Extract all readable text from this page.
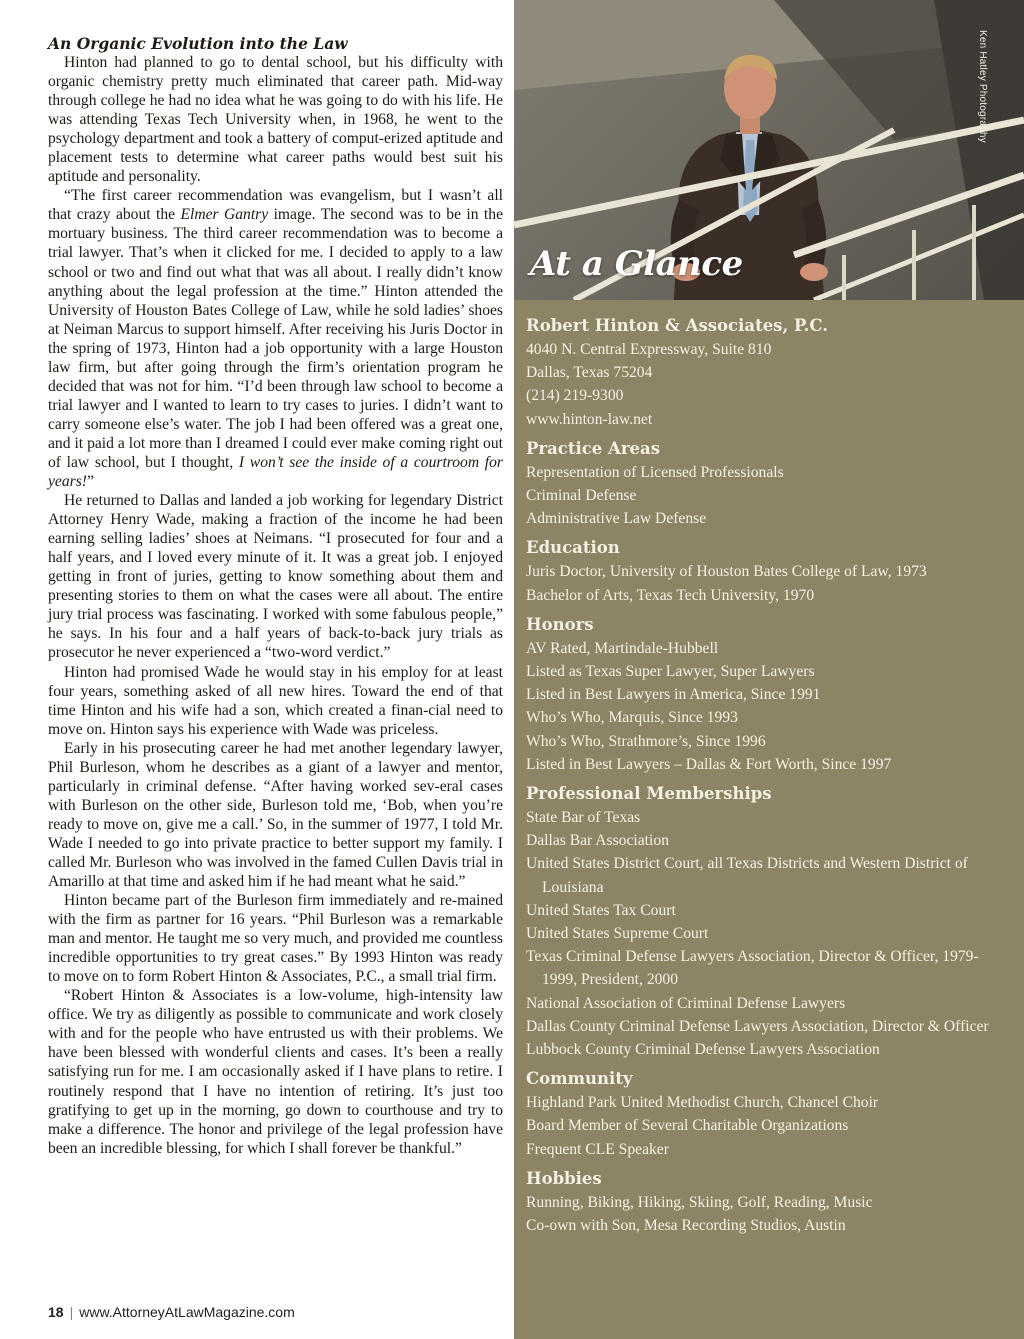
An Organic Evolution into the Law

Hinton had planned to go to dental school, but his difficulty with organic chemistry pretty much eliminated that career path. Mid-way through college he had no idea what he was going to do with his life. He was attending Texas Tech University when, in 1968, he went to the psychology department and took a battery of comput-erized aptitude and placement tests to determine what career paths would best suit his aptitude and personality.

“The first career recommendation was evangelism, but I wasn’t all that crazy about the Elmer Gantry image. The second was to be in the mortuary business. The third career recommendation was to become a trial lawyer. That’s when it clicked for me. I decided to apply to a law school or two and find out what that was all about. I really didn’t know anything about the legal profession at the time.” Hinton attended the University of Houston Bates College of Law, while he sold ladies’ shoes at Neiman Marcus to support himself. After receiving his Juris Doctor in the spring of 1973, Hinton had a job opportunity with a large Houston law firm, but after going through the firm’s orientation program he decided that was not for him. “I’d been through law school to become a trial lawyer and I wanted to learn to try cases to juries. I didn’t want to carry someone else’s water. The job I had been offered was a great one, and it paid a lot more than I dreamed I could ever make coming right out of law school, but I thought, I won’t see the inside of a courtroom for years!”

He returned to Dallas and landed a job working for legendary District Attorney Henry Wade, making a fraction of the income he had been earning selling ladies’ shoes at Neimans. “I prosecuted for four and a half years, and I loved every minute of it. It was a great job. I enjoyed getting in front of juries, getting to know something about them and presenting stories to them on what the cases were all about. The entire jury trial process was fascinating. I worked with some fabulous people,” he says. In his four and a half years of back-to-back jury trials as prosecutor he never experienced a “two-word verdict.”

Hinton had promised Wade he would stay in his employ for at least four years, something asked of all new hires. Toward the end of that time Hinton and his wife had a son, which created a finan-cial need to move on. Hinton says his experience with Wade was priceless.

Early in his prosecuting career he had met another legendary lawyer, Phil Burleson, whom he describes as a giant of a lawyer and mentor, particularly in criminal defense. “After having worked sev-eral cases with Burleson on the other side, Burleson told me, ‘Bob, when you’re ready to move on, give me a call.’ So, in the summer of 1977, I told Mr. Wade I needed to go into private practice to better support my family. I called Mr. Burleson who was involved in the famed Cullen Davis trial in Amarillo at that time and asked him if he had meant what he said.”

Hinton became part of the Burleson firm immediately and re-mained with the firm as partner for 16 years. “Phil Burleson was a remarkable man and mentor. He taught me so very much, and provided me countless incredible opportunities to try great cases.” By 1993 Hinton was ready to move on to form Robert Hinton & Associates, P.C., a small trial firm.

“Robert Hinton & Associates is a low-volume, high-intensity law office. We try as diligently as possible to communicate and work closely with and for the people who have entrusted us with their problems. We have been blessed with wonderful clients and cases. It’s been a really satisfying run for me. I am occasionally asked if I have plans to retire. I routinely respond that I have no intention of retiring. It’s just too gratifying to get up in the morning, go down to courthouse and try to make a difference. The honor and privilege of the legal profession have been an incredible blessing, for which I shall forever be thankful.”

18 | www.AttorneyAtLawMagazine.com
Ken Hatley Photography
At a Glance
Robert Hinton & Associates, P.C.

4040 N. Central Expressway, Suite 810

Dallas, Texas 75204

(214) 219-9300

www.hinton-law.net

Practice Areas

Representation of Licensed Professionals

Criminal Defense

Administrative Law Defense

Education

Juris Doctor, University of Houston Bates College of Law, 1973

Bachelor of Arts, Texas Tech University, 1970

Honors

AV Rated, Martindale-Hubbell

Listed as Texas Super Lawyer, Super Lawyers

Listed in Best Lawyers in America, Since 1991

Who’s Who, Marquis, Since 1993

Who’s Who, Strathmore’s, Since 1996

Listed in Best Lawyers – Dallas & Fort Worth, Since 1997

Professional Memberships

State Bar of Texas

Dallas Bar Association

United States District Court, all Texas Districts and Western District of Louisiana

United States Tax Court

United States Supreme Court

Texas Criminal Defense Lawyers Association, Director & Officer, 1979-1999, President, 2000

National Association of Criminal Defense Lawyers

Dallas County Criminal Defense Lawyers Association, Director & Officer

Lubbock County Criminal Defense Lawyers Association

Community

Highland Park United Methodist Church, Chancel Choir

Board Member of Several Charitable Organizations

Frequent CLE Speaker

Hobbies

Running, Biking, Hiking, Skiing, Golf, Reading, Music

Co-own with Son, Mesa Recording Studios, Austin
